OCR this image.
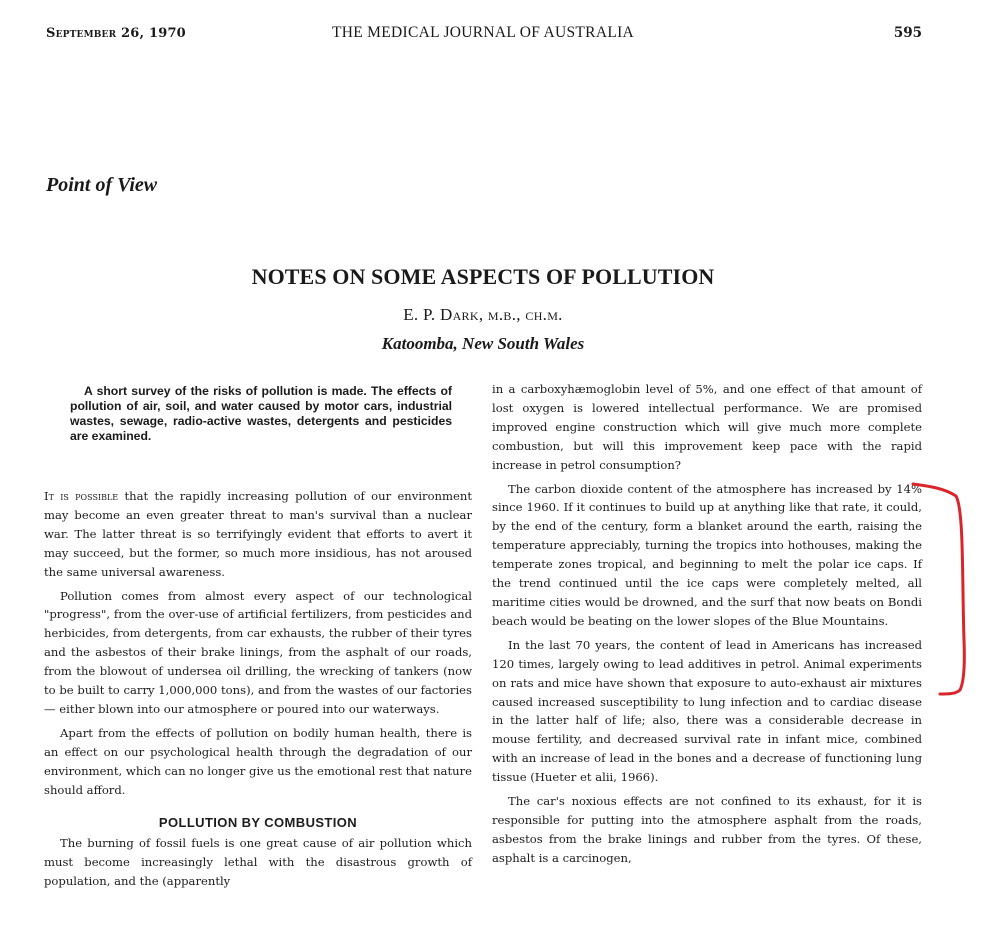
September 26, 1970	THE MEDICAL JOURNAL OF AUSTRALIA	595
Point of View
NOTES ON SOME ASPECTS OF POLLUTION
E. P. Dark, m.b., ch.m.
Katoomba, New South Wales

A short survey of the risks of pollution is made. The effects of pollution of air, soil, and water caused by motor cars, industrial wastes, sewage, radio-active wastes, detergents and pesticides are examined.

It is possible that the rapidly increasing pollution of our environment may become an even greater threat to man's survival than a nuclear war. The latter threat is so terrifyingly evident that efforts to avert it may succeed, but the former, so much more insidious, has not aroused the same universal awareness.

Pollution comes from almost every aspect of our technological "progress", from the over-use of artificial fertilizers, from pesticides and herbicides, from detergents, from car exhausts, the rubber of their tyres and the asbestos of their brake linings, from the asphalt of our roads, from the blowout of undersea oil drilling, the wrecking of tankers (now to be built to carry 1,000,000 tons), and from the wastes of our factories — either blown into our atmosphere or poured into our waterways.

Apart from the effects of pollution on bodily human health, there is an effect on our psychological health through the degradation of our environment, which can no longer give us the emotional rest that nature should afford.

POLLUTION BY COMBUSTION

The burning of fossil fuels is one great cause of air pollution which must become increasingly lethal with the disastrous growth of population, and the (apparently

in a carboxyhæmoglobin level of 5%, and one effect of that amount of lost oxygen is lowered intellectual performance. We are promised improved engine construction which will give much more complete combustion, but will this improvement keep pace with the rapid increase in petrol consumption?

The carbon dioxide content of the atmosphere has increased by 14% since 1960. If it continues to build up at anything like that rate, it could, by the end of the century, form a blanket around the earth, raising the temperature appreciably, turning the tropics into hothouses, making the temperate zones tropical, and beginning to melt the polar ice caps. If the trend continued until the ice caps were completely melted, all maritime cities would be drowned, and the surf that now beats on Bondi beach would be beating on the lower slopes of the Blue Mountains.

In the last 70 years, the content of lead in Americans has increased 120 times, largely owing to lead additives in petrol. Animal experiments on rats and mice have shown that exposure to auto-exhaust air mixtures caused increased susceptibility to lung infection and to cardiac disease in the latter half of life; also, there was a considerable decrease in mouse fertility, and decreased survival rate in infant mice, combined with an increase of lead in the bones and a decrease of functioning lung tissue (Hueter et alii, 1966).

The car's noxious effects are not confined to its exhaust, for it is responsible for putting into the atmosphere asphalt from the roads, asbestos from the brake linings and rubber from the tyres. Of these, asphalt is a carcinogen,
